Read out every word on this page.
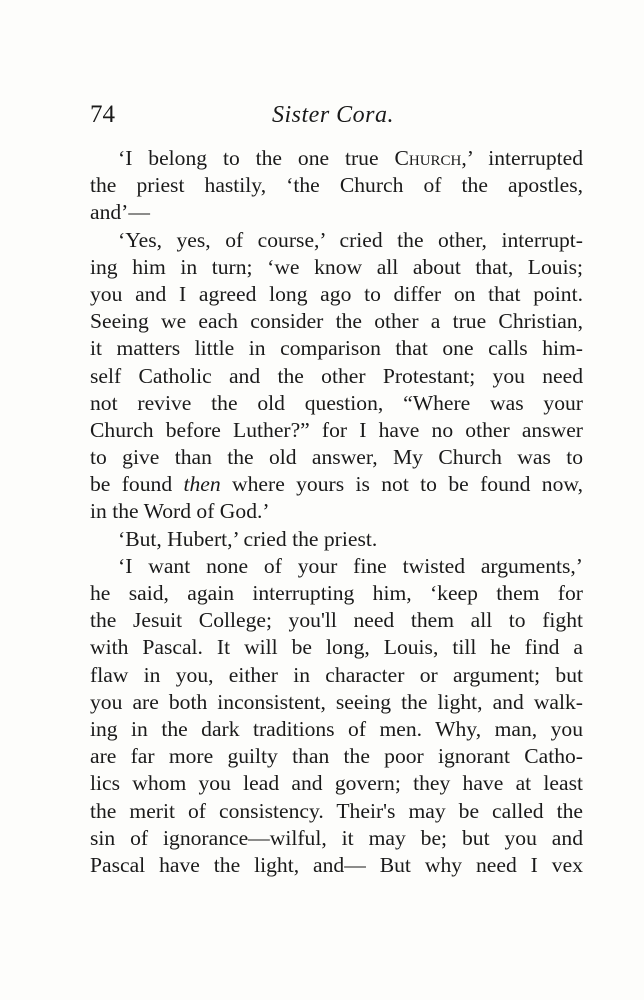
74	Sister Cora.
‘I belong to the one true Church,’ interrupted
the priest hastily, ‘the Church of the apostles,
and’—
‘Yes, yes, of course,’ cried the other, interrupt-
ing him in turn; ‘we know all about that, Louis;
you and I agreed long ago to differ on that point.
Seeing we each consider the other a true Christian,
it matters little in comparison that one calls him-
self Catholic and the other Protestant; you need
not revive the old question, “Where was your
Church before Luther?” for I have no other answer
to give than the old answer, My Church was to
be found then where yours is not to be found now,
in the Word of God.’
‘But, Hubert,’ cried the priest.
‘I want none of your fine twisted arguments,’
he said, again interrupting him, ‘keep them for
the Jesuit College; you'll need them all to fight
with Pascal. It will be long, Louis, till he find a
flaw in you, either in character or argument; but
you are both inconsistent, seeing the light, and walk-
ing in the dark traditions of men. Why, man, you
are far more guilty than the poor ignorant Catho-
lics whom you lead and govern; they have at least
the merit of consistency. Their's may be called the
sin of ignorance—wilful, it may be; but you and
Pascal have the light, and— But why need I vex
